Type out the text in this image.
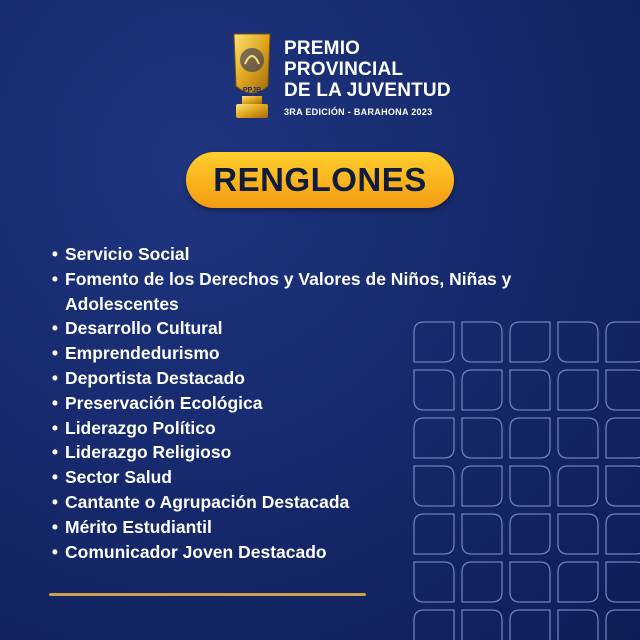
PPJB
PREMIO
PROVINCIAL
DE LA JUVENTUD
3RA EDICIÓN - BARAHONA 2023
RENGLONES
• Servicio Social
• Fomento de los Derechos y Valores de Niños, Niñas y
Adolescentes
• Desarrollo Cultural
• Emprendedurismo
• Deportista Destacado
• Preservación Ecológica
• Liderazgo Político
• Liderazgo Religioso
• Sector Salud
• Cantante o Agrupación Destacada
• Mérito Estudiantil
• Comunicador Joven Destacado
